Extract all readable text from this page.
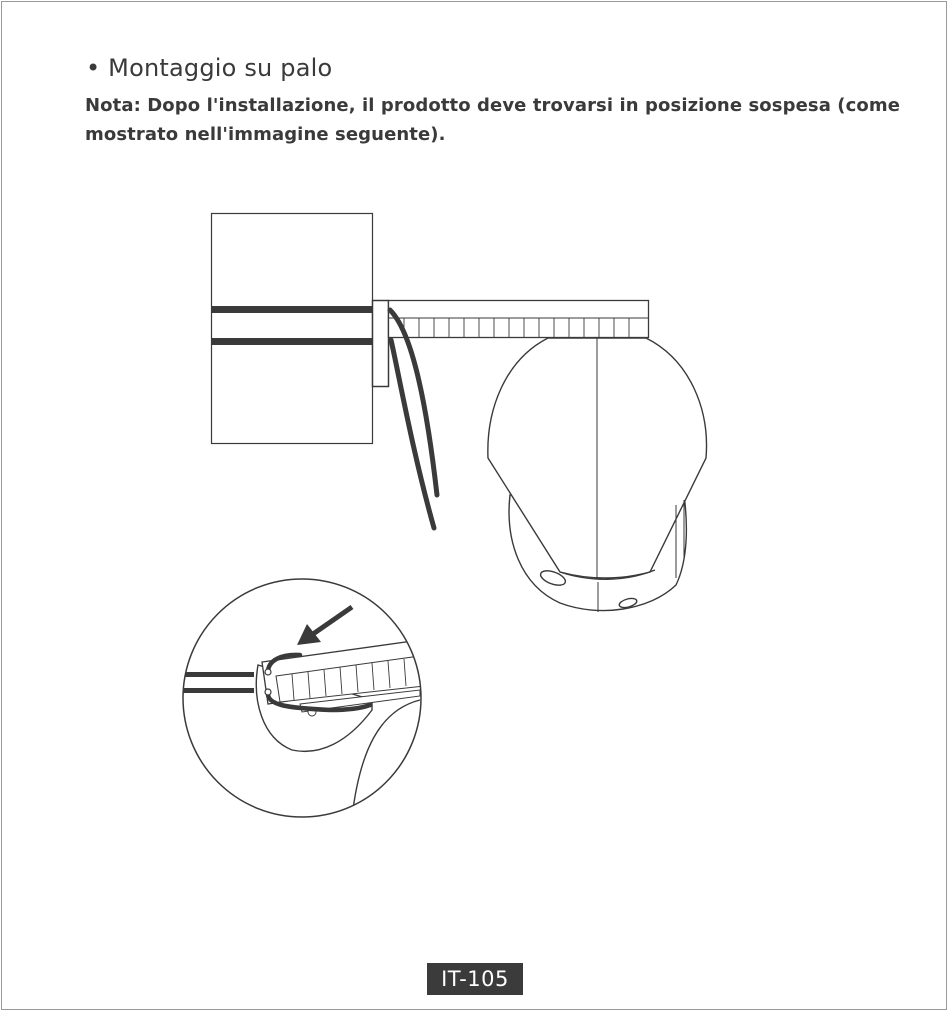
• Montaggio su palo
Nota: Dopo l'installazione, il prodotto deve trovarsi in posizione sospesa (come mostrato nell'immagine seguente).
IT-105
